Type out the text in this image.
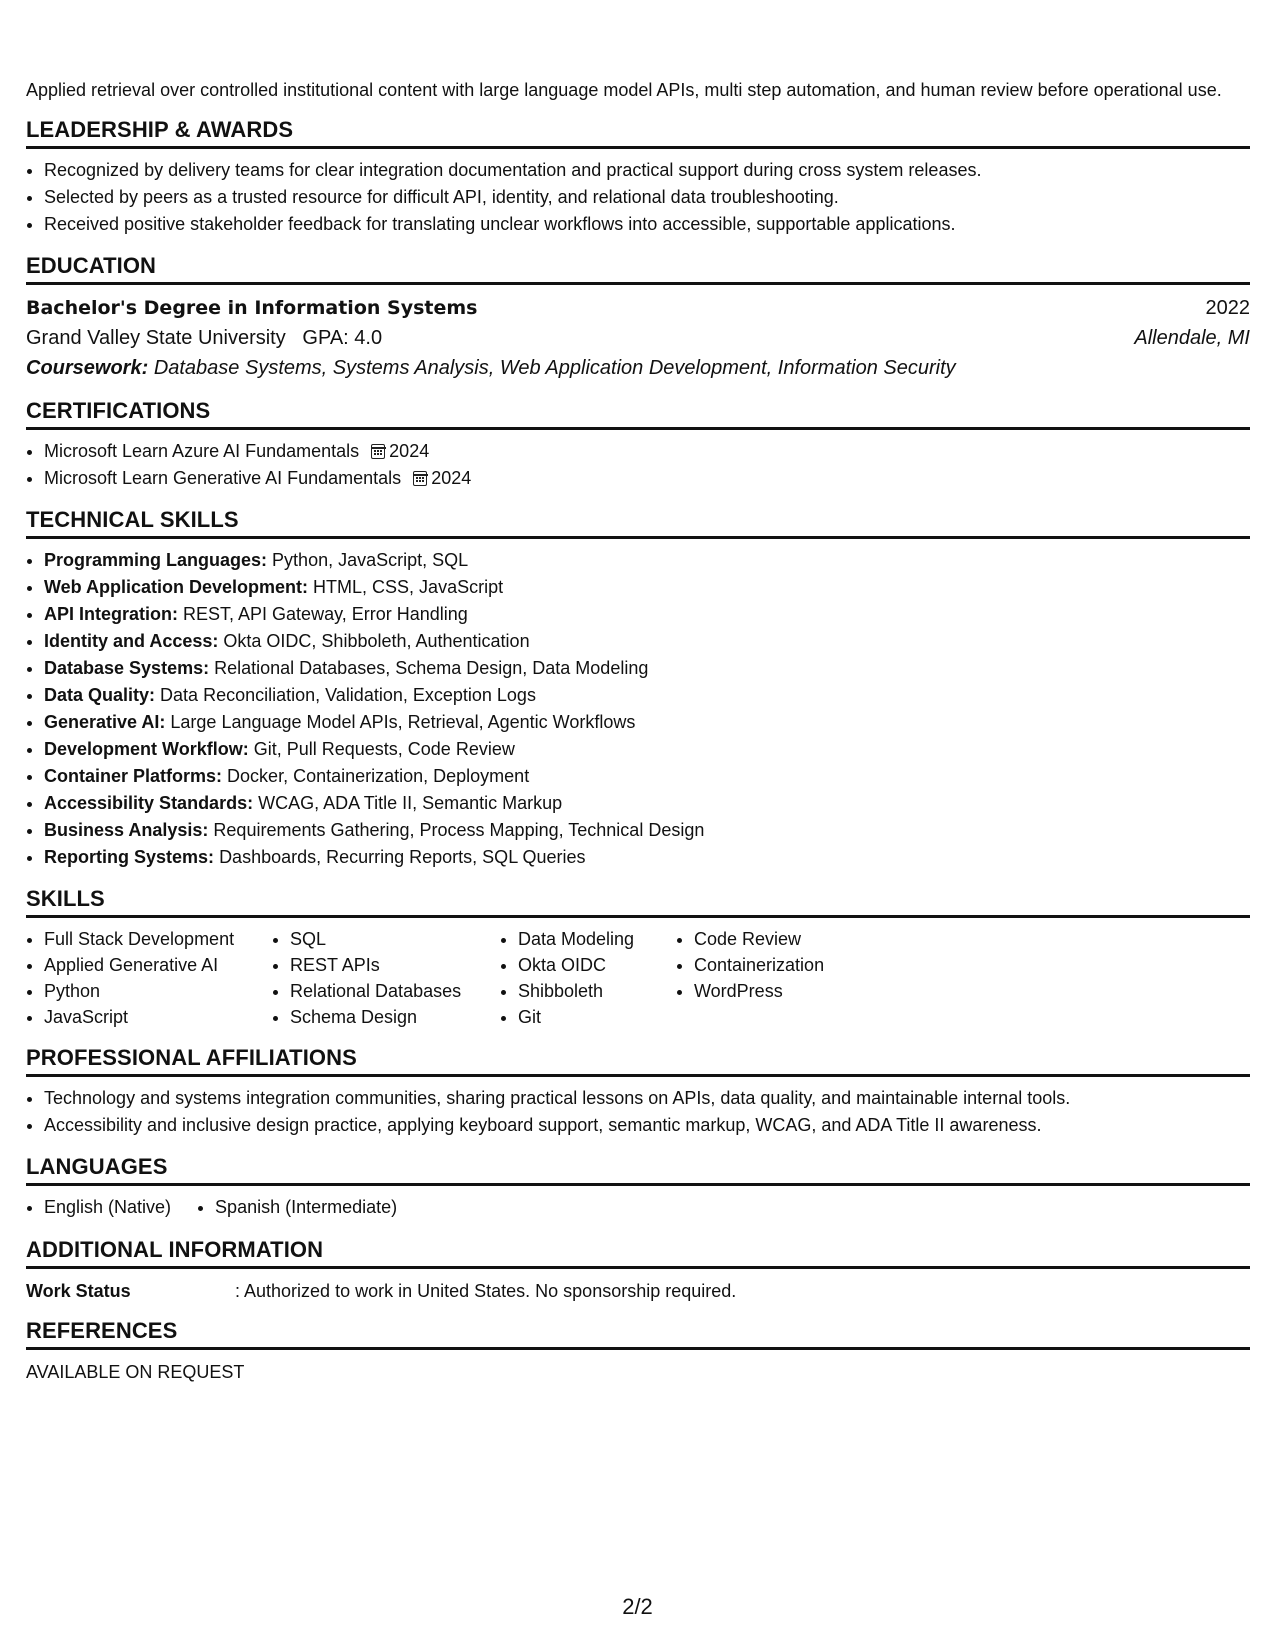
Applied retrieval over controlled institutional content with large language model APIs, multi step automation, and human review before operational use.

LEADERSHIP & AWARDS
• Recognized by delivery teams for clear integration documentation and practical support during cross system releases.
• Selected by peers as a trusted resource for difficult API, identity, and relational data troubleshooting.
• Received positive stakeholder feedback for translating unclear workflows into accessible, supportable applications.
EDUCATION
Bachelor's Degree in Information Systems	2022
Grand Valley State University GPA: 4.0	Allendale, MI
Coursework: Database Systems, Systems Analysis, Web Application Development, Information Security
CERTIFICATIONS
• Microsoft Learn Azure AI Fundamentals 2024
• Microsoft Learn Generative AI Fundamentals 2024
TECHNICAL SKILLS
• Programming Languages: Python, JavaScript, SQL
• Web Application Development: HTML, CSS, JavaScript
• API Integration: REST, API Gateway, Error Handling
• Identity and Access: Okta OIDC, Shibboleth, Authentication
• Database Systems: Relational Databases, Schema Design, Data Modeling
• Data Quality: Data Reconciliation, Validation, Exception Logs
• Generative AI: Large Language Model APIs, Retrieval, Agentic Workflows
• Development Workflow: Git, Pull Requests, Code Review
• Container Platforms: Docker, Containerization, Deployment
• Accessibility Standards: WCAG, ADA Title II, Semantic Markup
• Business Analysis: Requirements Gathering, Process Mapping, Technical Design
• Reporting Systems: Dashboards, Recurring Reports, SQL Queries
SKILLS
• Full Stack Development
• Applied Generative AI
• Python
• JavaScript
• SQL
• REST APIs
• Relational Databases
• Schema Design
• Data Modeling
• Okta OIDC
• Shibboleth
• Git
• Code Review
• Containerization
• WordPress
PROFESSIONAL AFFILIATIONS
• Technology and systems integration communities, sharing practical lessons on APIs, data quality, and maintainable internal tools.
• Accessibility and inclusive design practice, applying keyboard support, semantic markup, WCAG, and ADA Title II awareness.
LANGUAGES
• English (Native)
• Spanish (Intermediate)
ADDITIONAL INFORMATION
Work Status	: Authorized to work in United States. No sponsorship required.
REFERENCES
AVAILABLE ON REQUEST
2/2
